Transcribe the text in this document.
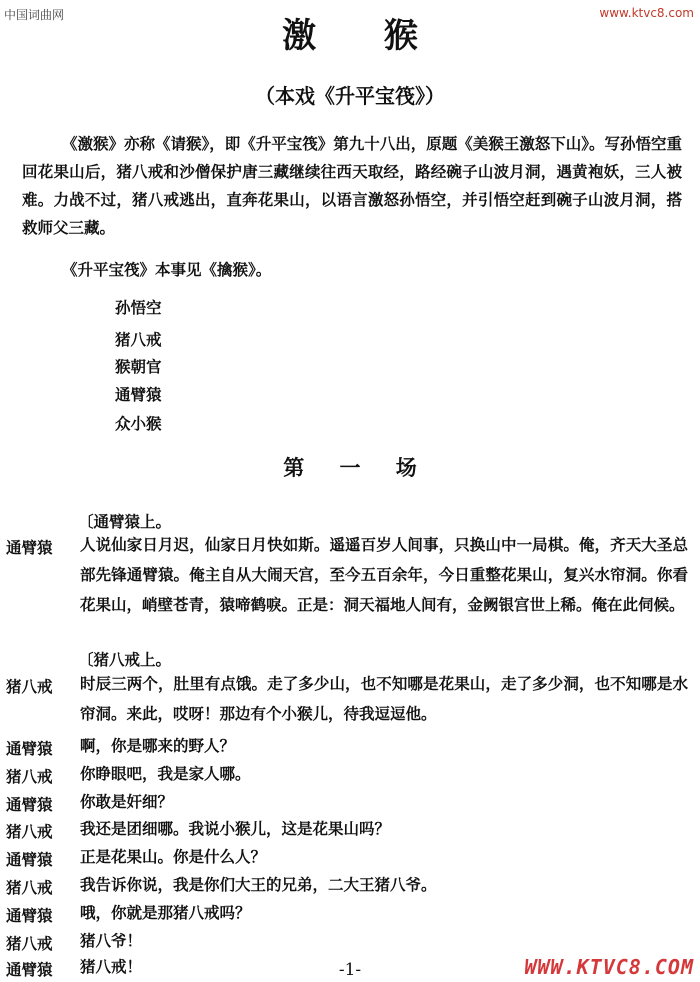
中国词曲网	www.ktvc8.com
激 猴
（本戏《升平宝筏》）
《激猴》亦称《请猴》，即《升平宝筏》第九十八出，原题《美猴王激怒下山》。写孙悟空重回花果山后，猪八戒和沙僧保护唐三藏继续往西天取经，路经碗子山波月洞，遇黄袍妖，三人被难。力战不过，猪八戒逃出，直奔花果山，以语言激怒孙悟空，并引悟空赶到碗子山波月洞，搭救师父三藏。
《升平宝筏》本事见《擒猴》。
孙悟空
猪八戒
猴朝官
通臂猿
众小猴
第 一 场
〔通臂猿上。
通臂猿	人说仙家日月迟，仙家日月快如斯。遥遥百岁人间事，只换山中一局棋。俺，齐天大圣总部先锋通臂猿。俺主自从大闹天宫，至今五百余年，今日重整花果山，复兴水帘洞。你看花果山，峭壁苍青，猿啼鹤唳。正是：洞天福地人间有，金阙银宫世上稀。俺在此伺候。
〔猪八戒上。
猪八戒	时辰三两个，肚里有点饿。走了多少山，也不知哪是花果山，走了多少洞，也不知哪是水帘洞。来此，哎呀！那边有个小猴儿，待我逗逗他。
通臂猿	啊，你是哪来的野人？
猪八戒	你睁眼吧，我是家人哪。
通臂猿	你敢是奸细？
猪八戒	我还是团细哪。我说小猴儿，这是花果山吗？
通臂猿	正是花果山。你是什么人？
猪八戒	我告诉你说，我是你们大王的兄弟，二大王猪八爷。
通臂猿	哦，你就是那猪八戒吗？
猪八戒	猪八爷！
通臂猿	猪八戒！	-1-	WWW.KTVC8.COM
